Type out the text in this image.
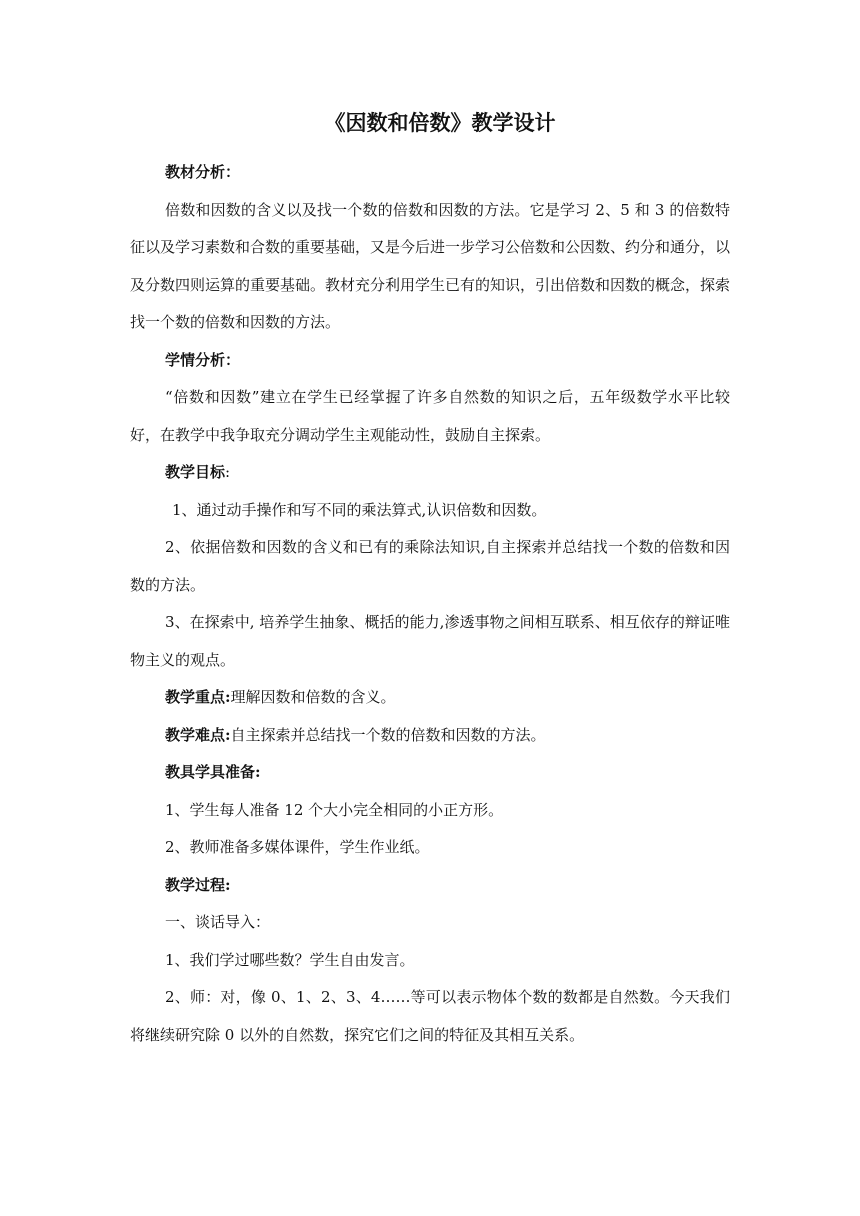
《因数和倍数》教学设计

教材分析：

倍数和因数的含义以及找一个数的倍数和因数的方法。它是学习 2、5 和 3 的倍数特征以及学习素数和合数的重要基础，又是今后进一步学习公倍数和公因数、约分和通分，以及分数四则运算的重要基础。教材充分利用学生已有的知识，引出倍数和因数的概念，探索找一个数的倍数和因数的方法。

学情分析：

“倍数和因数”建立在学生已经掌握了许多自然数的知识之后，五年级数学水平比较好，在教学中我争取充分调动学生主观能动性，鼓励自主探索。

教学目标:

1、通过动手操作和写不同的乘法算式,认识倍数和因数。

2、依据倍数和因数的含义和已有的乘除法知识,自主探索并总结找一个数的倍数和因数的方法。

3、在探索中, 培养学生抽象、概括的能力,渗透事物之间相互联系、相互依存的辩证唯物主义的观点。

教学重点:理解因数和倍数的含义。

教学难点:自主探索并总结找一个数的倍数和因数的方法。

教具学具准备:

1、学生每人准备 12 个大小完全相同的小正方形。

2、教师准备多媒体课件，学生作业纸。

教学过程:

一、谈话导入：

1、我们学过哪些数？学生自由发言。

2、师：对，像 0、1、2、3、4……等可以表示物体个数的数都是自然数。今天我们将继续研究除 0 以外的自然数，探究它们之间的特征及其相互关系。
